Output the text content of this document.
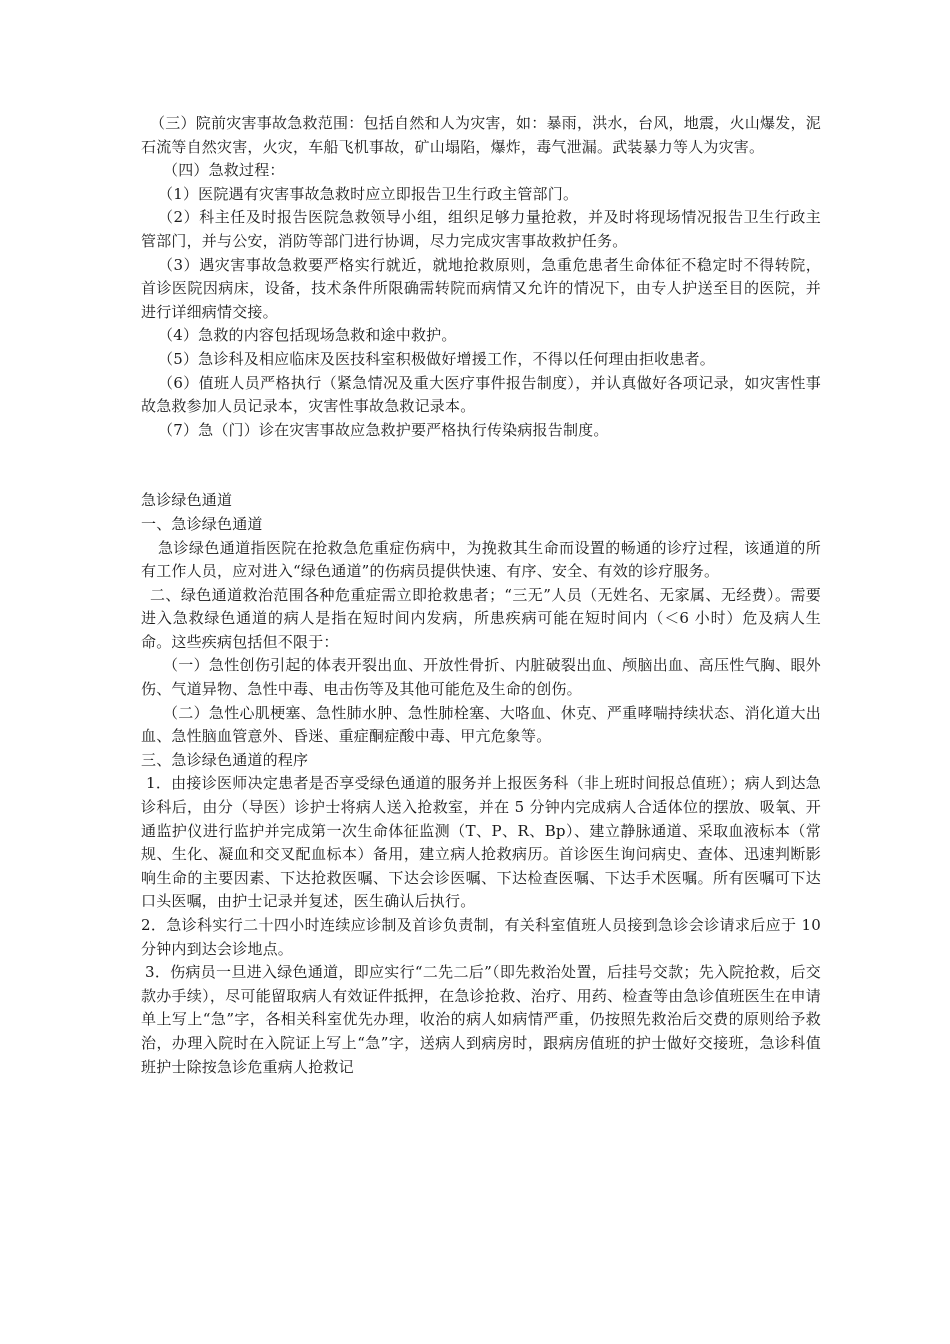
（三）院前灾害事故急救范围：包括自然和人为灾害，如：暴雨，洪水，台风，地震，火山爆发，泥石流等自然灾害，火灾，车船飞机事故，矿山塌陷，爆炸，毒气泄漏。武装暴力等人为灾害。

（四）急救过程：

（1）医院遇有灾害事故急救时应立即报告卫生行政主管部门。

（2）科主任及时报告医院急救领导小组，组织足够力量抢救，并及时将现场情况报告卫生行政主管部门，并与公安，消防等部门进行协调，尽力完成灾害事故救护任务。

（3）遇灾害事故急救要严格实行就近，就地抢救原则，急重危患者生命体征不稳定时不得转院，首诊医院因病床，设备，技术条件所限确需转院而病情又允许的情况下，由专人护送至目的医院，并进行详细病情交接。

（4）急救的内容包括现场急救和途中救护。

（5）急诊科及相应临床及医技科室积极做好增援工作，不得以任何理由拒收患者。

（6）值班人员严格执行（紧急情况及重大医疗事件报告制度），并认真做好各项记录，如灾害性事故急救参加人员记录本，灾害性事故急救记录本。

（7）急（门）诊在灾害事故应急救护要严格执行传染病报告制度。

急诊绿色通道

一、急诊绿色通道

急诊绿色通道指医院在抢救急危重症伤病中，为挽救其生命而设置的畅通的诊疗过程，该通道的所有工作人员，应对进入“绿色通道”的伤病员提供快速、有序、安全、有效的诊疗服务。

二、绿色通道救治范围各种危重症需立即抢救患者；“三无”人员（无姓名、无家属、无经费）。需要进入急救绿色通道的病人是指在短时间内发病，所患疾病可能在短时间内（＜6 小时）危及病人生命。这些疾病包括但不限于：

（一）急性创伤引起的体表开裂出血、开放性骨折、内脏破裂出血、颅脑出血、高压性气胸、眼外伤、气道异物、急性中毒、电击伤等及其他可能危及生命的创伤。

（二）急性心肌梗塞、急性肺水肿、急性肺栓塞、大咯血、休克、严重哮喘持续状态、消化道大出血、急性脑血管意外、昏迷、重症酮症酸中毒、甲亢危象等。

三、急诊绿色通道的程序

1．由接诊医师决定患者是否享受绿色通道的服务并上报医务科（非上班时间报总值班）；病人到达急诊科后，由分（导医）诊护士将病人送入抢救室，并在 5 分钟内完成病人合适体位的摆放、吸氧、开通监护仪进行监护并完成第一次生命体征监测（T、P、R、Bp）、建立静脉通道、采取血液标本（常规、生化、凝血和交叉配血标本）备用，建立病人抢救病历。首诊医生询问病史、查体、迅速判断影响生命的主要因素、下达抢救医嘱、下达会诊医嘱、下达检查医嘱、下达手术医嘱。所有医嘱可下达口头医嘱，由护士记录并复述，医生确认后执行。

2．急诊科实行二十四小时连续应诊制及首诊负责制，有关科室值班人员接到急诊会诊请求后应于 10 分钟内到达会诊地点。

3．伤病员一旦进入绿色通道，即应实行“二先二后”（即先救治处置，后挂号交款；先入院抢救，后交款办手续），尽可能留取病人有效证件抵押，在急诊抢救、治疗、用药、检查等由急诊值班医生在申请单上写上“急”字，各相关科室优先办理，收治的病人如病情严重，仍按照先救治后交费的原则给予救治，办理入院时在入院证上写上“急”字，送病人到病房时，跟病房值班的护士做好交接班，急诊科值班护士除按急诊危重病人抢救记
